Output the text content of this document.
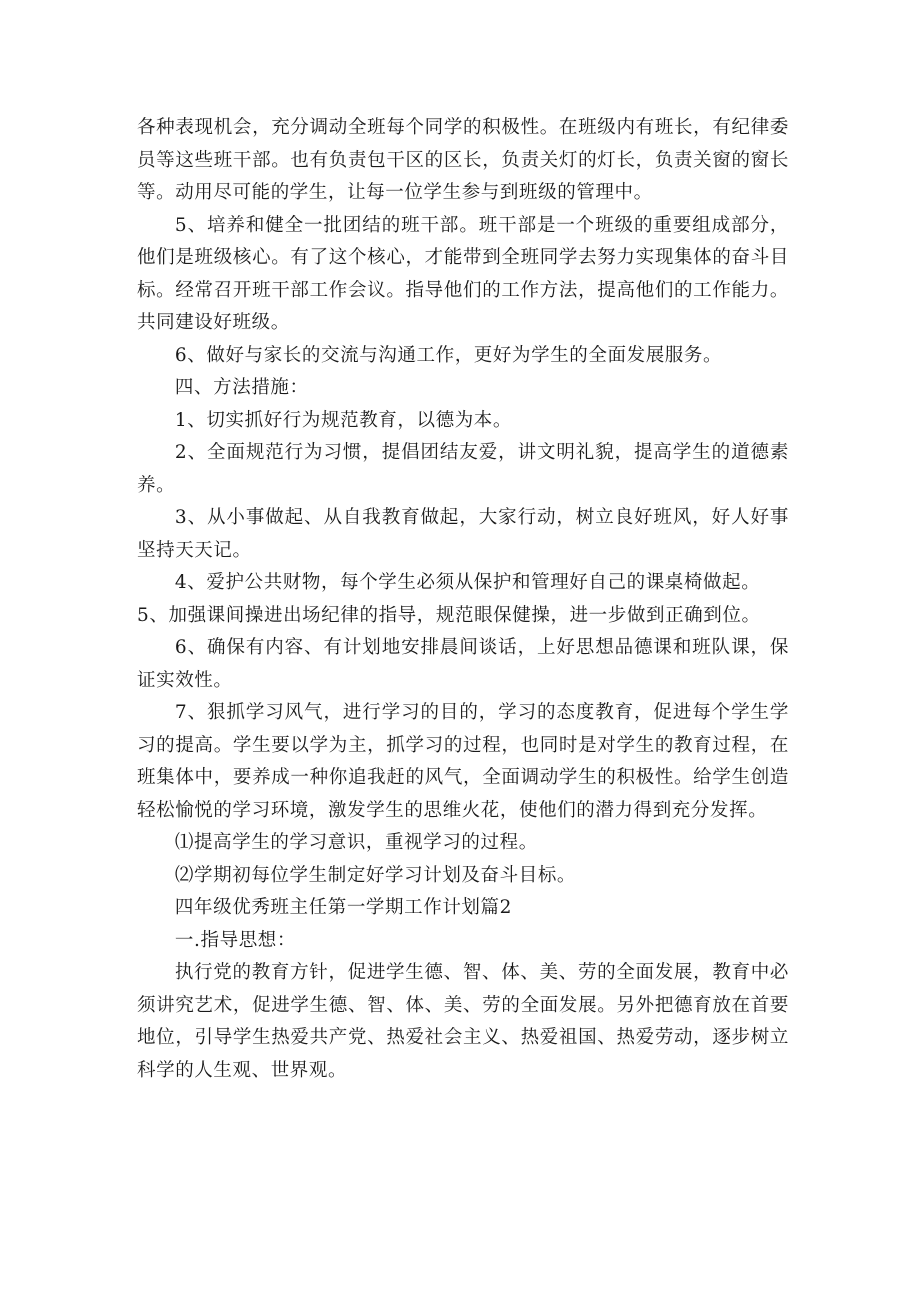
各种表现机会，充分调动全班每个同学的积极性。在班级内有班长，有纪律委员等这些班干部。也有负责包干区的区长，负责关灯的灯长，负责关窗的窗长等。动用尽可能的学生，让每一位学生参与到班级的管理中。

5、培养和健全一批团结的班干部。班干部是一个班级的重要组成部分，他们是班级核心。有了这个核心，才能带到全班同学去努力实现集体的奋斗目标。经常召开班干部工作会议。指导他们的工作方法，提高他们的工作能力。共同建设好班级。

6、做好与家长的交流与沟通工作，更好为学生的全面发展服务。

四、方法措施：

1、切实抓好行为规范教育，以德为本。

2、全面规范行为习惯，提倡团结友爱，讲文明礼貌，提高学生的道德素养。

3、从小事做起、从自我教育做起，大家行动，树立良好班风，好人好事坚持天天记。

4、爱护公共财物，每个学生必须从保护和管理好自己的课桌椅做起。

5、加强课间操进出场纪律的指导，规范眼保健操，进一步做到正确到位。

6、确保有内容、有计划地安排晨间谈话，上好思想品德课和班队课，保证实效性。

7、狠抓学习风气，进行学习的目的，学习的态度教育，促进每个学生学习的提高。学生要以学为主，抓学习的过程，也同时是对学生的教育过程，在班集体中，要养成一种你追我赶的风气，全面调动学生的积极性。给学生创造轻松愉悦的学习环境，激发学生的思维火花，使他们的潜力得到充分发挥。

⑴提高学生的学习意识，重视学习的过程。

⑵学期初每位学生制定好学习计划及奋斗目标。

四年级优秀班主任第一学期工作计划篇2

一.指导思想：

执行党的教育方针，促进学生德、智、体、美、劳的全面发展，教育中必须讲究艺术，促进学生德、智、体、美、劳的全面发展。另外把德育放在首要地位，引导学生热爱共产党、热爱社会主义、热爱祖国、热爱劳动，逐步树立科学的人生观、世界观。
